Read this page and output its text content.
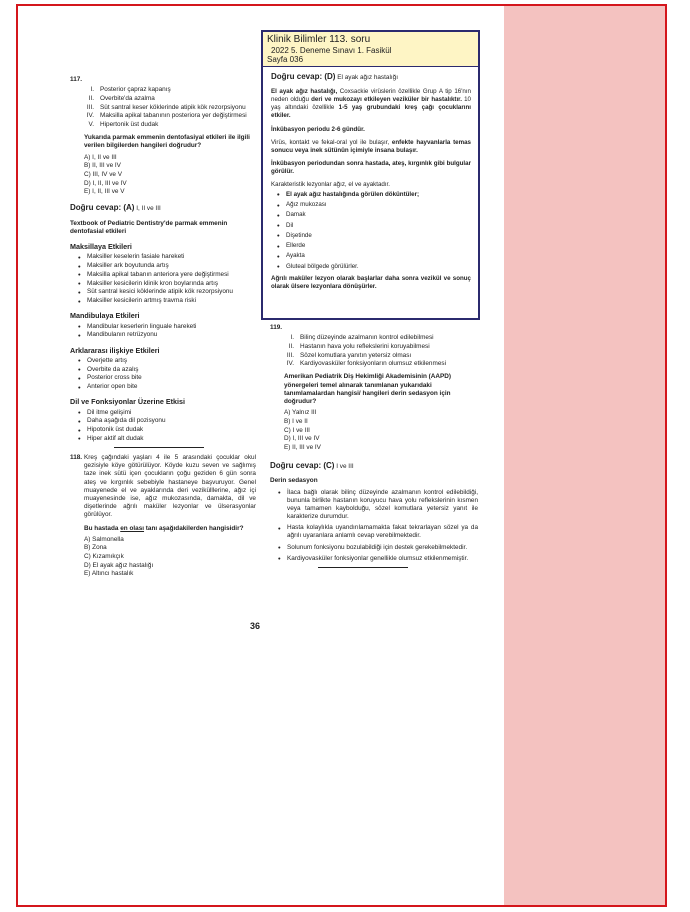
117.
I. Posterior çapraz kapanış
II. Overbite'da azalma
III. Süt santral keser köklerinde atipik kök rezorpsiyonu
IV. Maksilla apikal tabanının posteriora yer değiştirmesi
V. Hipertonik üst dudak
Yukarıda parmak emmenin dentofasiyal etkileri ile ilgili verilen bilgilerden hangileri doğrudur?
A) I, II ve III
B) II, III ve IV
C) III, IV ve V
D) I, II, III ve IV
E) I, II, III ve V
Doğru cevap: (A) I, II ve III
Textbook of Pediatric Dentistry'de parmak emmenin dentofasial etkileri
Maksillaya Etkileri
• Maksiller keselerin fasiale hareketi
• Maksiller ark boyutunda artış
• Maksilla apikal tabanın anteriora yere değiştirmesi
• Maksiller kesicilerin klinik kron boylarında artış
• Süt santral kesici köklerinde atipik kök rezorpsiyonu
• Maksiller kesicilerin artmış travma riski
Mandibulaya Etkileri
• Mandibular keserlerin linguale hareketi
• Mandibulanın retrüzyonu
Arklararası ilişkiye Etkileri
• Overjette artış
• Overbite da azalış
• Posterior cross bite
• Anterior open bite
Dil ve Fonksiyonlar Üzerine Etkisi
• Dil itme gelişimi
• Daha aşağıda dil pozisyonu
• Hipotonik üst dudak
• Hiper aktif alt dudak
118. Kreş çağındaki yaşları 4 ile 5 arasındaki çocuklar okul gezisiyle köye götürülüyor. Köyde kuzu seven ve sağlımış taze inek sütü içen çocukların çoğu geziden 6 gün sonra ateş ve kırgınlık sebebiyle hastaneye başvuruyor. Genel muayenede el ve ayaklarında deri vezikülllerine, ağız içi muayenesinde ise, ağız mukozasında, damakta, dil ve dişetlerinde ağrılı maküler lezyonlar ve ülserasyonlar görülüyor.
Bu hastada en olası tanı aşağıdakilerden hangisidir?
A) Salmonella
B) Zona
C) Kızamıkçık
D) El ayak ağız hastalığı
E) Altıncı hastalık
36
Klinik Bilimler 113. soru
2022 5. Deneme Sınavı 1. Fasikül
Sayfa 036
Doğru cevap: (D) El ayak ağız hastalığı

El ayak ağız hastalığı, Coxsackie virüslerin özellikle Grup A tip 16'nın neden olduğu deri ve mukozayı etkileyen veziküler bir hastalıktır. 10 yaş altındaki özellikle 1-5 yaş grubundaki kreş çağı çocuklarını etkiler.

İnkübasyon periodu 2-6 gündür.

Virüs, kontakt ve fekal-oral yol ile bulaşır, enfekte hayvanlarla temas sonucu veya inek sütünün içimiyle insana bulaşır.

İnkübasyon periodundan sonra hastada, ateş, kırgınlık gibi bulgular görülür.

Karakteristik lezyonlar ağız, el ve ayaktadır.

• El ayak ağız hastalığında görülen döküntüler;
• Ağız mukozası
• Damak
• Dil
• Dişetinde
• Ellerde
• Ayakta
• Gluteal bölgede görülürler.

Ağrılı maküler lezyon olarak başlarlar daha sonra vezikül ve sonuç olarak ülsere lezyonlara dönüşürler.

119.
I. Bilinç düzeyinde azalmanın kontrol edilebilmesi
II. Hastanın hava yolu reflekslerini koruyabilmesi
III. Sözel komutlara yanıtın yetersiz olması
IV. Kardiyovasküler fonksiyonların olumsuz etkilenmesi
Amerikan Pediatrik Diş Hekimliği Akademisinin (AAPD) yönergeleri temel alınarak tanımlanan yukarıdaki tanımlamalardan hangisi/ hangileri derin sedasyon için doğrudur?
A) Yalnız III
B) I ve II
C) I ve III
D) I, III ve IV
E) II, III ve IV
Doğru cevap: (C) I ve III
Derin sedasyon
• İlaca bağlı olarak bilinç düzeyinde azalmanın kontrol edilebildiği, bununla birlikte hastanın koruyucu hava yolu reflekslerinin kısmen veya tamamen kaybolduğu, sözel komutlara yetersiz yanıt ile karakterize durumdur.
• Hasta kolaylıkla uyandırılamamakta fakat tekrarlayan sözel ya da ağrılı uyaranlara anlamlı cevap verebilmektedir.
• Solunum fonksiyonu bozulabildiği için destek gerekebilmektedir.
• Kardiyovasküler fonksiyonlar genellikle olumsuz etkilenmemiştir.
